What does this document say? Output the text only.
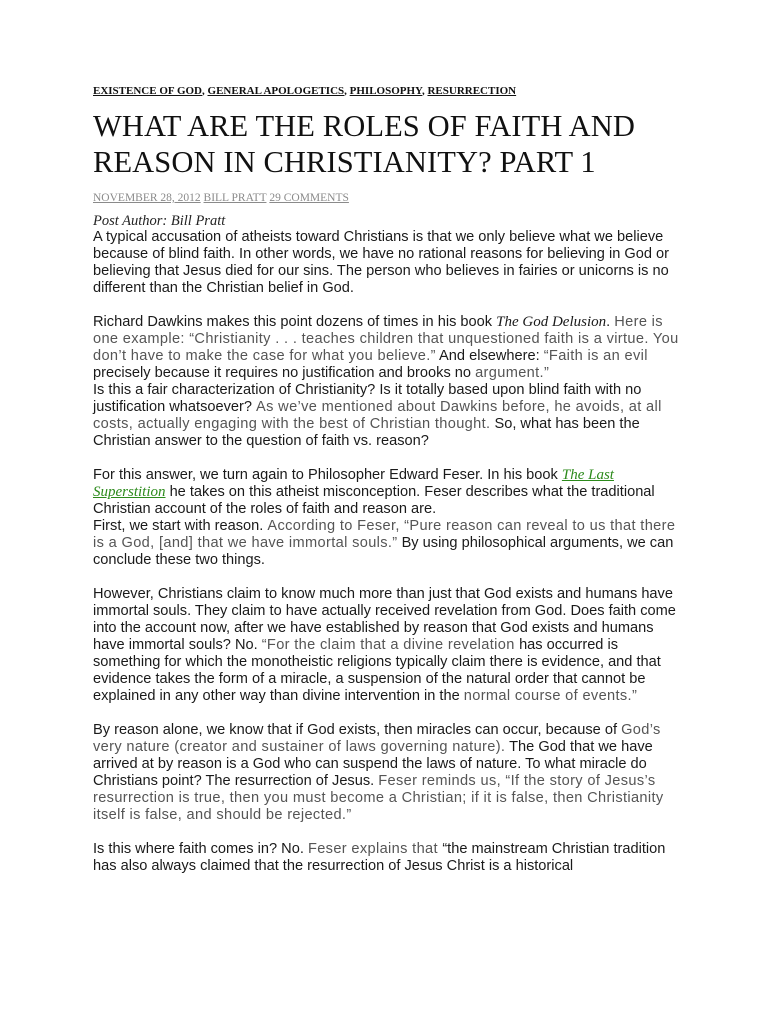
EXISTENCE OF GOD, GENERAL APOLOGETICS, PHILOSOPHY, RESURRECTION

WHAT ARE THE ROLES OF FAITH AND
REASON IN CHRISTIANITY? PART 1
NOVEMBER 28, 2012 BILL PRATT 29 COMMENTS
Post Author: Bill Pratt

A typical accusation of atheists toward Christians is that we only believe what we believe because of blind faith. In other words, we have no rational reasons for believing in God or believing that Jesus died for our sins. The person who believes in fairies or unicorns is no different than the Christian belief in God.

Richard Dawkins makes this point dozens of times in his book The God Delusion. Here is one example: “Christianity . . . teaches children that unquestioned faith is a virtue. You don’t have to make the case for what you believe.” And elsewhere: “Faith is an evil precisely because it requires no justification and brooks no argument.”

Is this a fair characterization of Christianity? Is it totally based upon blind faith with no justification whatsoever? As we’ve mentioned about Dawkins before, he avoids, at all costs, actually engaging with the best of Christian thought. So, what has been the Christian answer to the question of faith vs. reason?

For this answer, we turn again to Philosopher Edward Feser. In his book The Last Superstition he takes on this atheist misconception. Feser describes what the traditional Christian account of the roles of faith and reason are.

First, we start with reason. According to Feser, “Pure reason can reveal to us that there is a God, [and] that we have immortal souls.” By using philosophical arguments, we can conclude these two things.

However, Christians claim to know much more than just that God exists and humans have immortal souls. They claim to have actually received revelation from God. Does faith come into the account now, after we have established by reason that God exists and humans have immortal souls? No. “For the claim that a divine revelation has occurred is something for which the monotheistic religions typically claim there is evidence, and that evidence takes the form of a miracle, a suspension of the natural order that cannot be explained in any other way than divine intervention in the normal course of events.”

By reason alone, we know that if God exists, then miracles can occur, because of God’s very nature (creator and sustainer of laws governing nature). The God that we have arrived at by reason is a God who can suspend the laws of nature. To what miracle do Christians point? The resurrection of Jesus. Feser reminds us, “If the story of Jesus’s resurrection is true, then you must become a Christian; if it is false, then Christianity itself is false, and should be rejected.”

Is this where faith comes in? No. Feser explains that “the mainstream Christian tradition has also always claimed that the resurrection of Jesus Christ is a historical
